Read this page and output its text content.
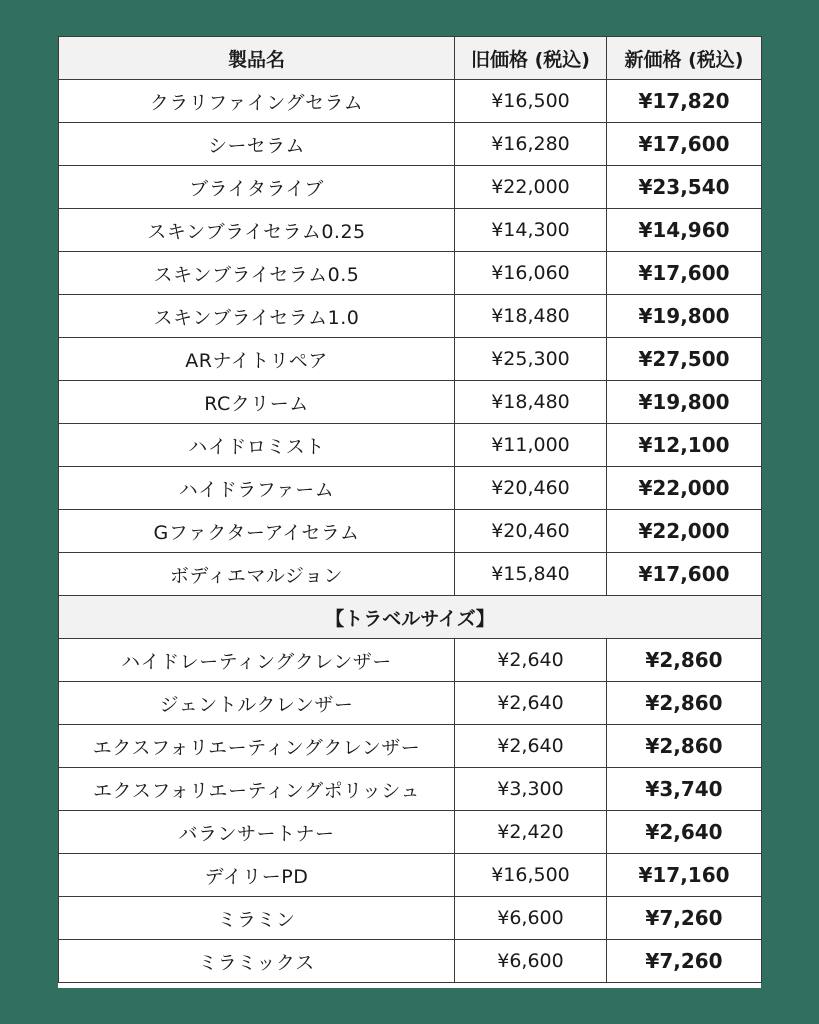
製品名	旧価格 (税込)	新価格 (税込)
クラリファイングセラム	¥16,500	¥17,820
シーセラム	¥16,280	¥17,600
ブライタライブ	¥22,000	¥23,540
スキンブライセラム0.25	¥14,300	¥14,960
スキンブライセラム0.5	¥16,060	¥17,600
スキンブライセラム1.0	¥18,480	¥19,800
ARナイトリペア	¥25,300	¥27,500
RCクリーム	¥18,480	¥19,800
ハイドロミスト	¥11,000	¥12,100
ハイドラファーム	¥20,460	¥22,000
Gファクターアイセラム	¥20,460	¥22,000
ボディエマルジョン	¥15,840	¥17,600
【トラベルサイズ】		
ハイドレーティングクレンザー	¥2,640	¥2,860
ジェントルクレンザー	¥2,640	¥2,860
エクスフォリエーティングクレンザー	¥2,640	¥2,860
エクスフォリエーティングポリッシュ	¥3,300	¥3,740
バランサートナー	¥2,420	¥2,640
デイリーPD	¥16,500	¥17,160
ミラミン	¥6,600	¥7,260
ミラミックス	¥6,600	¥7,260
